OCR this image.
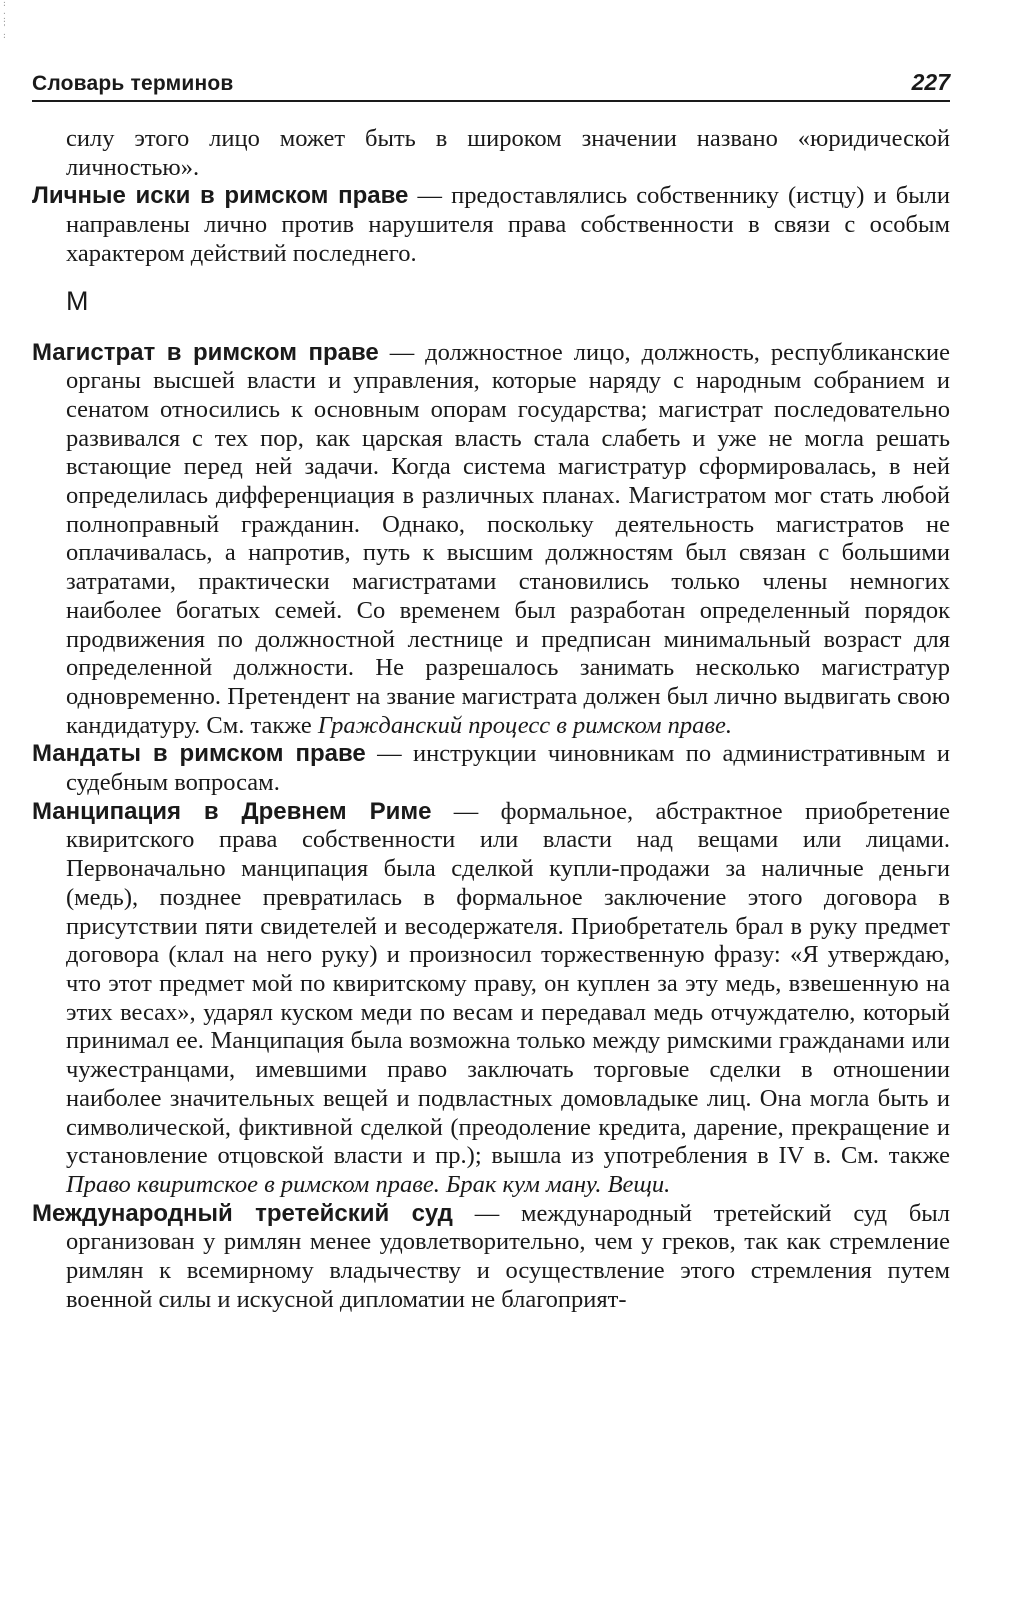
:
.
:
'
:
Словарь терминов	227

силу этого лицо может быть в широком значении названо «юридической личностью».

Личные иски в римском праве — предоставлялись собственнику (истцу) и были направлены лично против нарушителя права собственности в связи с особым характером действий последнего.

М

Магистрат в римском праве — должностное лицо, должность, республиканские органы высшей власти и управления, которые наряду с народным собранием и сенатом относились к основным опорам государства; магистрат последовательно развивался с тех пор, как царская власть стала слабеть и уже не могла решать встающие перед ней задачи. Когда система магистратур сформировалась, в ней определилась дифференциация в различных планах. Магистратом мог стать любой полноправный гражданин. Однако, поскольку деятельность магистратов не оплачивалась, а напротив, путь к высшим должностям был связан с большими затратами, практически магистратами становились только члены немногих наиболее богатых семей. Со временем был разработан определенный порядок продвижения по должностной лестнице и предписан минимальный возраст для определенной должности. Не разрешалось занимать несколько магистратур одновременно. Претендент на звание магистрата должен был лично выдвигать свою кандидатуру. См. также Гражданский процесс в римском праве.

Мандаты в римском праве — инструкции чиновникам по административным и судебным вопросам.

Манципация в Древнем Риме — формальное, абстрактное приобретение квиритского права собственности или власти над вещами или лицами. Первоначально манципация была сделкой купли-продажи за наличные деньги (медь), позднее превратилась в формальное заключение этого договора в присутствии пяти свидетелей и весодержателя. Приобретатель брал в руку предмет договора (клал на него руку) и произносил торжественную фразу: «Я утверждаю, что этот предмет мой по квиритскому праву, он куплен за эту медь, взвешенную на этих весах», ударял куском меди по весам и передавал медь отчуждателю, который принимал ее. Манципация была возможна только между римскими гражданами или чужестранцами, имевшими право заключать торговые сделки в отношении наиболее значительных вещей и подвластных домовладыке лиц. Она могла быть и символической, фиктивной сделкой (преодоление кредита, дарение, прекращение и установление отцовской власти и пр.); вышла из употребления в IV в. См. также Право квиритское в римском праве. Брак кум ману. Вещи.

Международный третейский суд — международный третейский суд был организован у римлян менее удовлетворительно, чем у греков, так как стремление римлян к всемирному владычеству и осуществление этого стремления путем военной силы и искусной дипломатии не благоприят-
